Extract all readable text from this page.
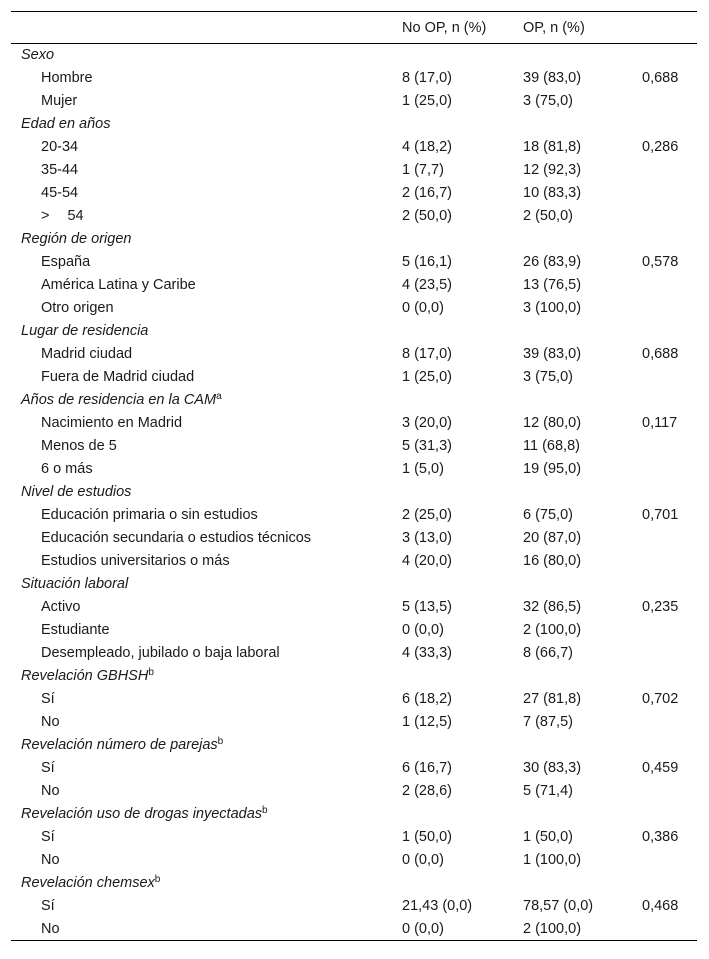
	No OP, n (%)	OP, n (%)	
Sexo			
Hombre	8 (17,0)	39 (83,0)	0,688
Mujer	1 (25,0)	3 (75,0)	
Edad en años			
20-34	4 (18,2)	18 (81,8)	0,286
35-44	1 (7,7)	12 (92,3)	
45-54	2 (16,7)	10 (83,3)	
> 54	2 (50,0)	2 (50,0)	
Región de origen			
España	5 (16,1)	26 (83,9)	0,578
América Latina y Caribe	4 (23,5)	13 (76,5)	
Otro origen	0 (0,0)	3 (100,0)	
Lugar de residencia			
Madrid ciudad	8 (17,0)	39 (83,0)	0,688
Fuera de Madrid ciudad	1 (25,0)	3 (75,0)	
Años de residencia en la CAM$^a$
Nacimiento en Madrid	3 (20,0)	12 (80,0)	0,117
Menos de 5	5 (31,3)	11 (68,8)	
6 o más	1 (5,0)	19 (95,0)	
Nivel de estudios			
Educación primaria o sin estudios	2 (25,0)	6 (75,0)	0,701
Educación secundaria o estudios técnicos	3 (13,0)	20 (87,0)	
Estudios universitarios o más	4 (20,0)	16 (80,0)	
Situación laboral			
Activo	5 (13,5)	32 (86,5)	0,235
Estudiante	0 (0,0)	2 (100,0)	
Desempleado, jubilado o baja laboral	4 (33,3)	8 (66,7)	
Revelación GBHSH$^b$
Sí	6 (18,2)	27 (81,8)	0,702
No	1 (12,5)	7 (87,5)	
Revelación número de parejas$^b$
Sí	6 (16,7)	30 (83,3)	0,459
No	2 (28,6)	5 (71,4)	
Revelación uso de drogas inyectadas$^b$
Sí	1 (50,0)	1 (50,0)	0,386
No	0 (0,0)	1 (100,0)	
Revelación chemsex$^b$
Sí	21,43 (0,0)	78,57 (0,0)	0,468
No	0 (0,0)	2 (100,0)	
